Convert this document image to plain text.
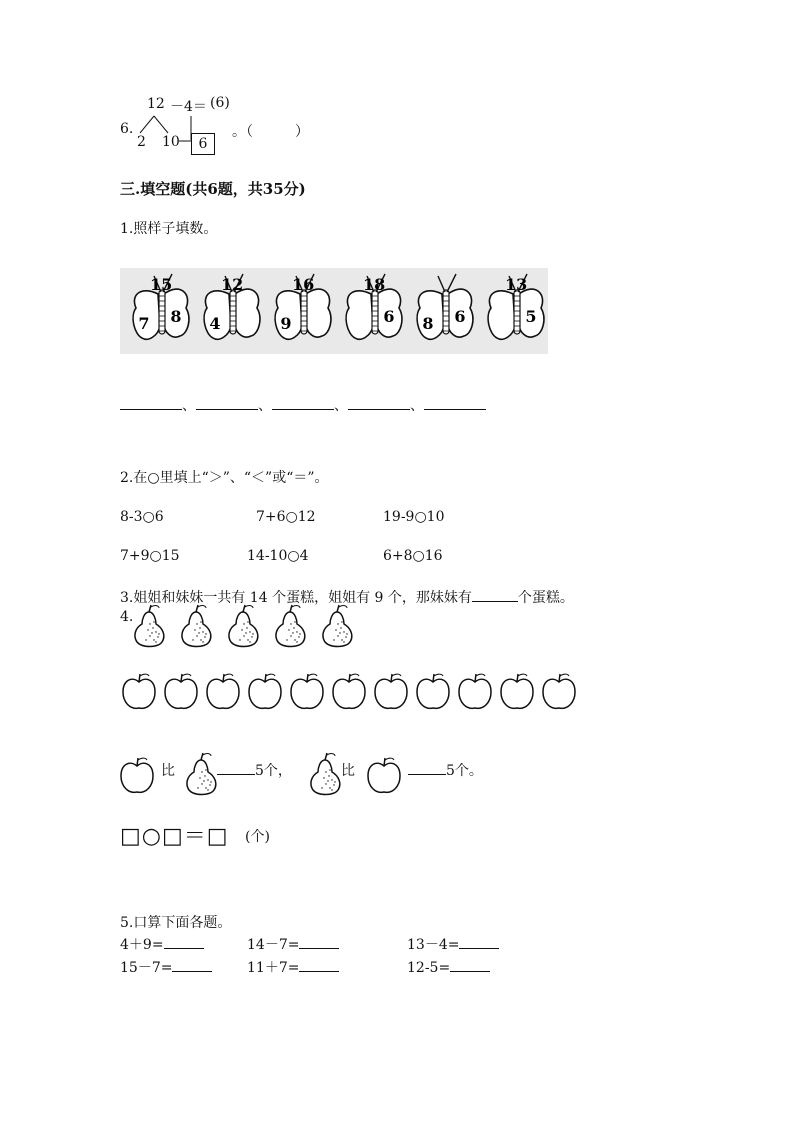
12 －4＝ (6)
6.
2 10	6
。（　　　）
三.填空题(共6题，共35分)
1.照样子填数。
15
7 8
12
4
16
9
18
6 8 6
13
5
、	、	、	、
2.在○里填上“＞”、“＜”或“＝”。
8-3○6	7+6○12	19-9○10
7+9○15	14-10○4	6+8○16
3.姐姐和妹妹一共有 14 个蛋糕，姐姐有 9 个，那妹妹有	个蛋糕。
4.
比	5个，	比	5个。
□○□＝□ (个)
5.口算下面各题。
4＋9=	14－7=	13－4=
15－7=	11＋7=	12-5=
